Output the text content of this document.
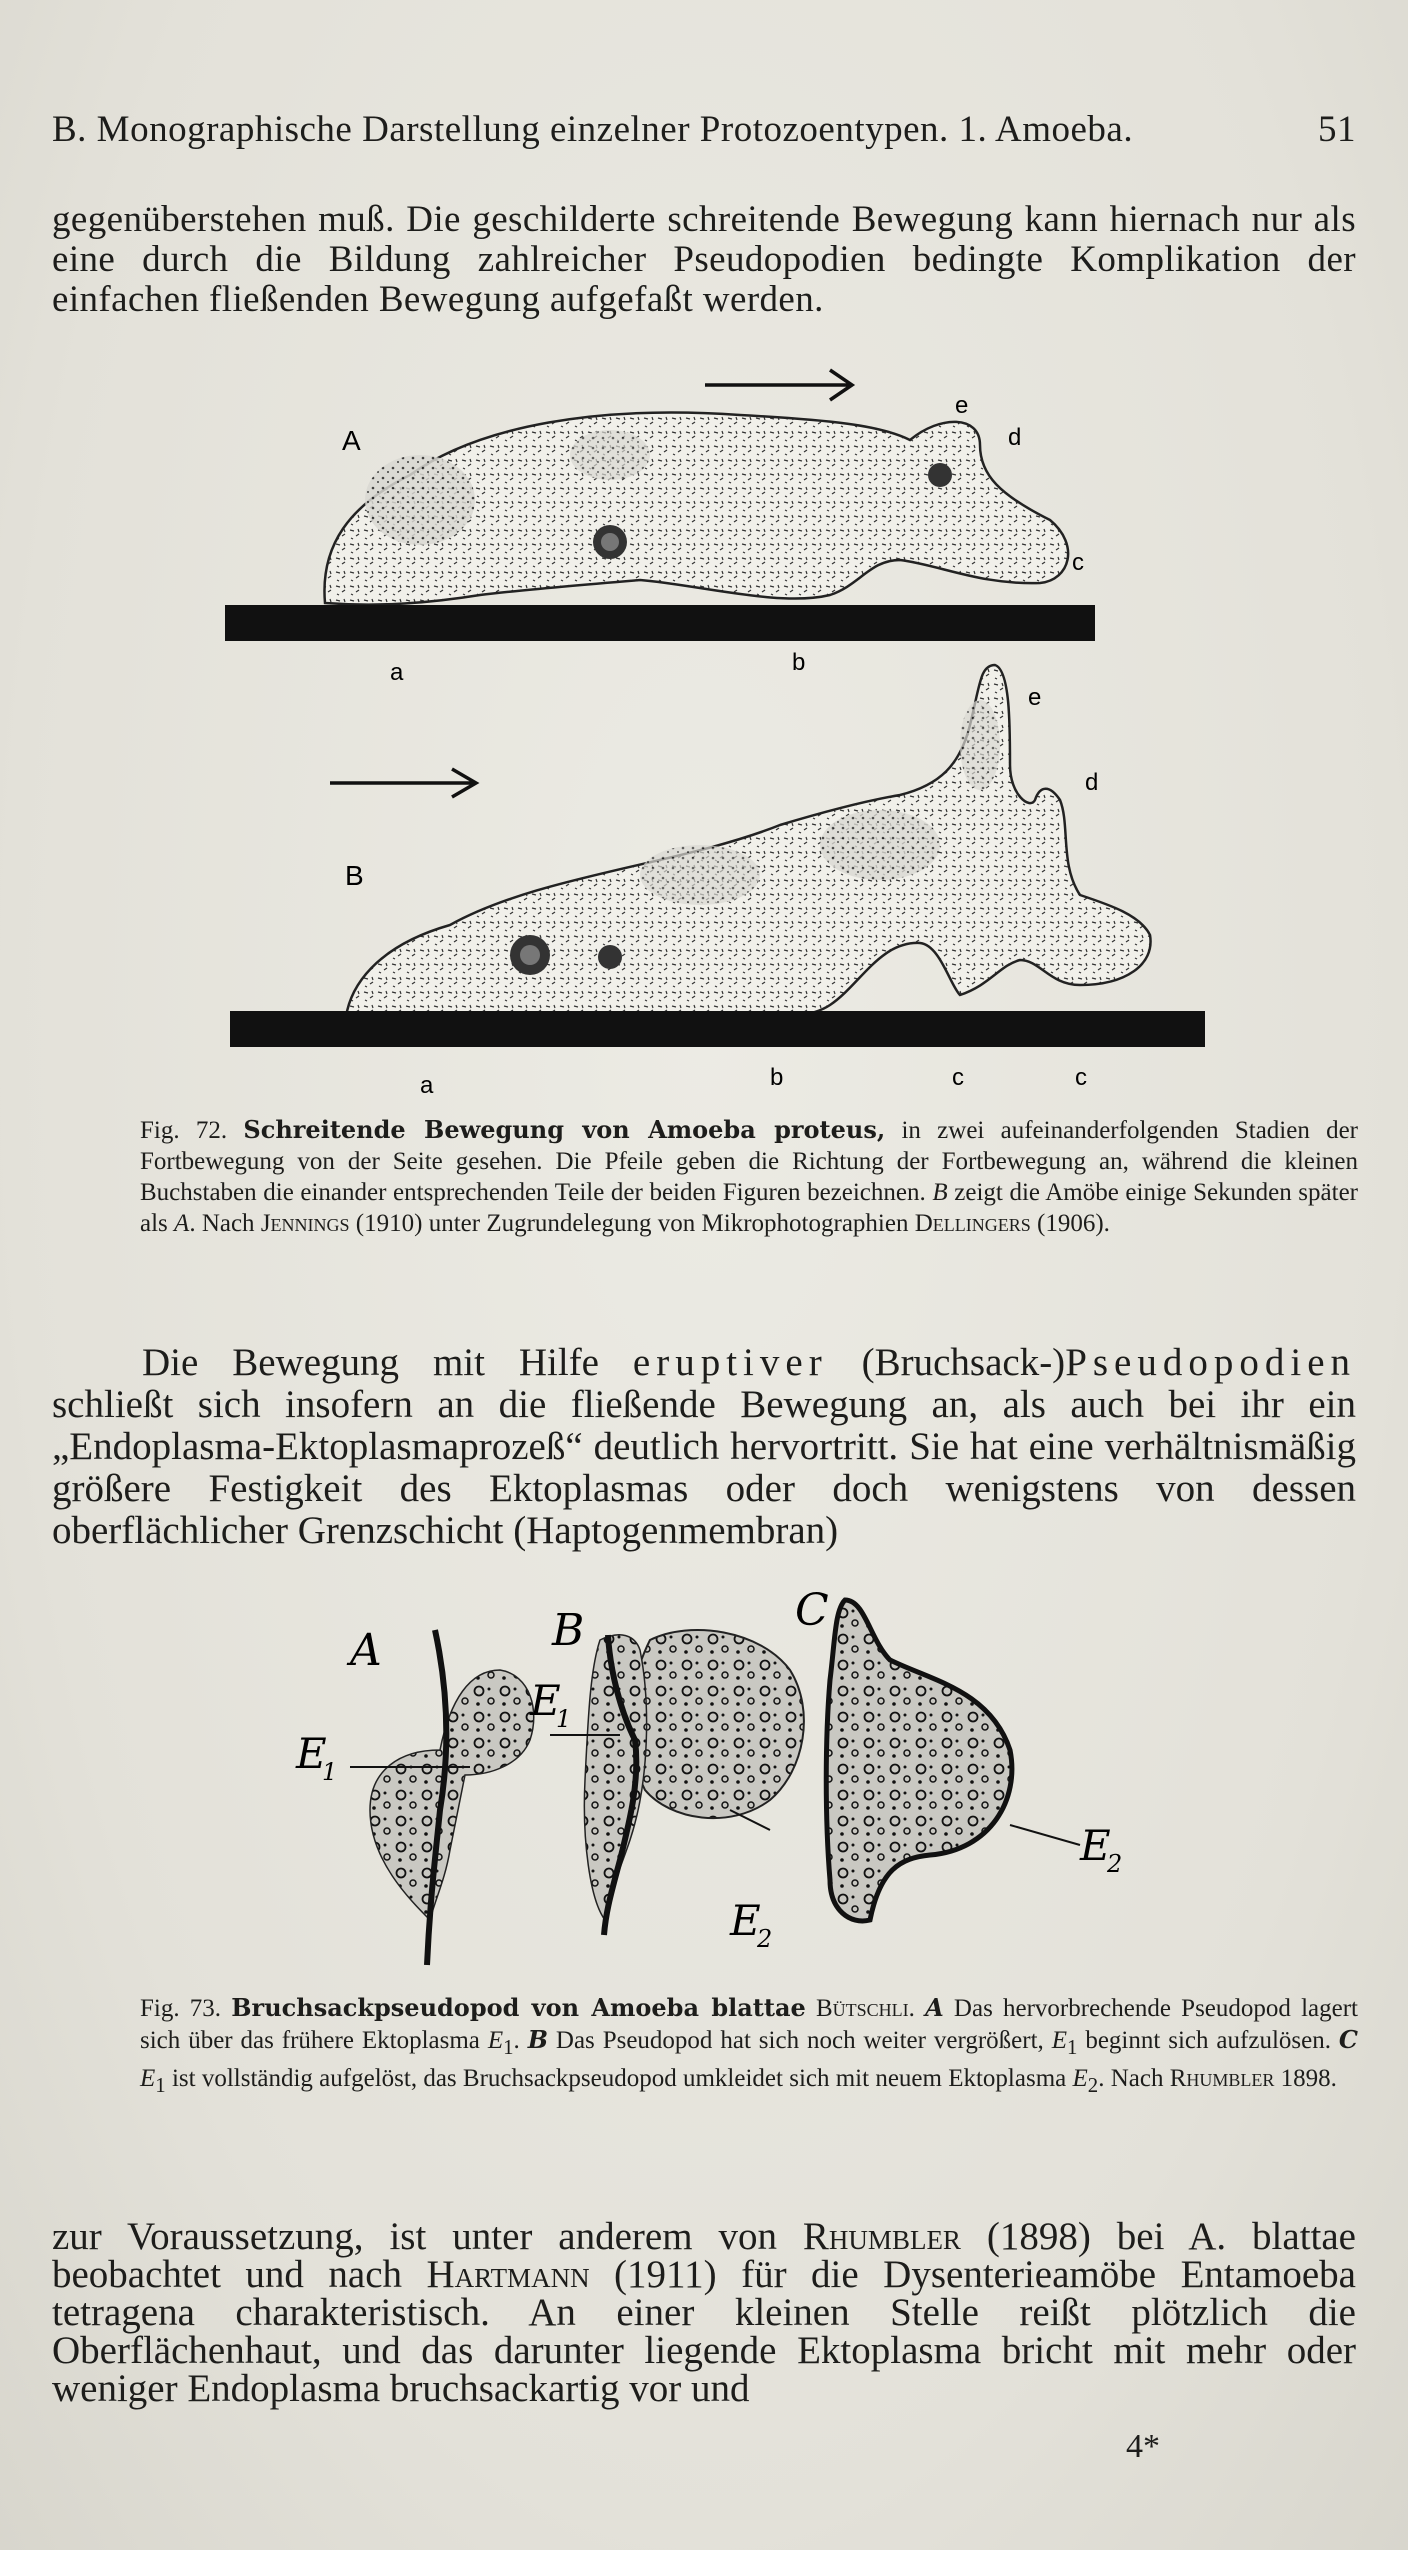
B. Monographische Darstellung einzelner Protozoentypen. 1. Amoeba.	51
gegenüberstehen muß. Die geschilderte schreitende Bewegung kann hiernach nur als eine durch die Bildung zahlreicher Pseudopodien bedingte Komplikation der einfachen fließenden Bewegung aufgefaßt werden.
A
a	b
c
d
e
B
a	b	c	c
d
e
Fig. 72. Schreitende Bewegung von Amoeba proteus, in zwei aufeinanderfolgenden Stadien der Fortbewegung von der Seite gesehen. Die Pfeile geben die Richtung der Fortbewegung an, während die kleinen Buchstaben die einander entsprechenden Teile der beiden Figuren bezeichnen. B zeigt die Amöbe einige Sekunden später als A. Nach Jennings (1910) unter Zugrundelegung von Mikrophotographien Dellingers (1906).
Die Bewegung mit Hilfe eruptiver (Bruchsack-)Pseudopodien schließt sich insofern an die fließende Bewegung an, als auch bei ihr ein „Endoplasma-Ektoplasmaprozeß“ deutlich hervortritt. Sie hat eine verhältnismäßig größere Festigkeit des Ektoplasmas oder doch wenigstens von dessen oberflächlicher Grenzschicht (Haptogenmembran)
A
E
1
B
E
1
E
2
C
E
2
Fig. 73. Bruchsackpseudopod von Amoeba blattae Bütschli. A Das hervorbrechende Pseudopod lagert sich über das frühere Ektoplasma $E_1$. B Das Pseudopod hat sich noch weiter vergrößert, $E_1$ beginnt sich aufzulösen. C $E_1$ ist vollständig aufgelöst, das Bruchsackpseudopod umkleidet sich mit neuem Ektoplasma $E_2$. Nach Rhumbler 1898.
zur Voraussetzung, ist unter anderem von Rhumbler (1898) bei A. blattae beobachtet und nach Hartmann (1911) für die Dysenterieamöbe Entamoeba tetragena charakteristisch. An einer kleinen Stelle reißt plötzlich die Oberflächenhaut, und das darunter liegende Ektoplasma bricht mit mehr oder weniger Endoplasma bruchsackartig vor und
4*
